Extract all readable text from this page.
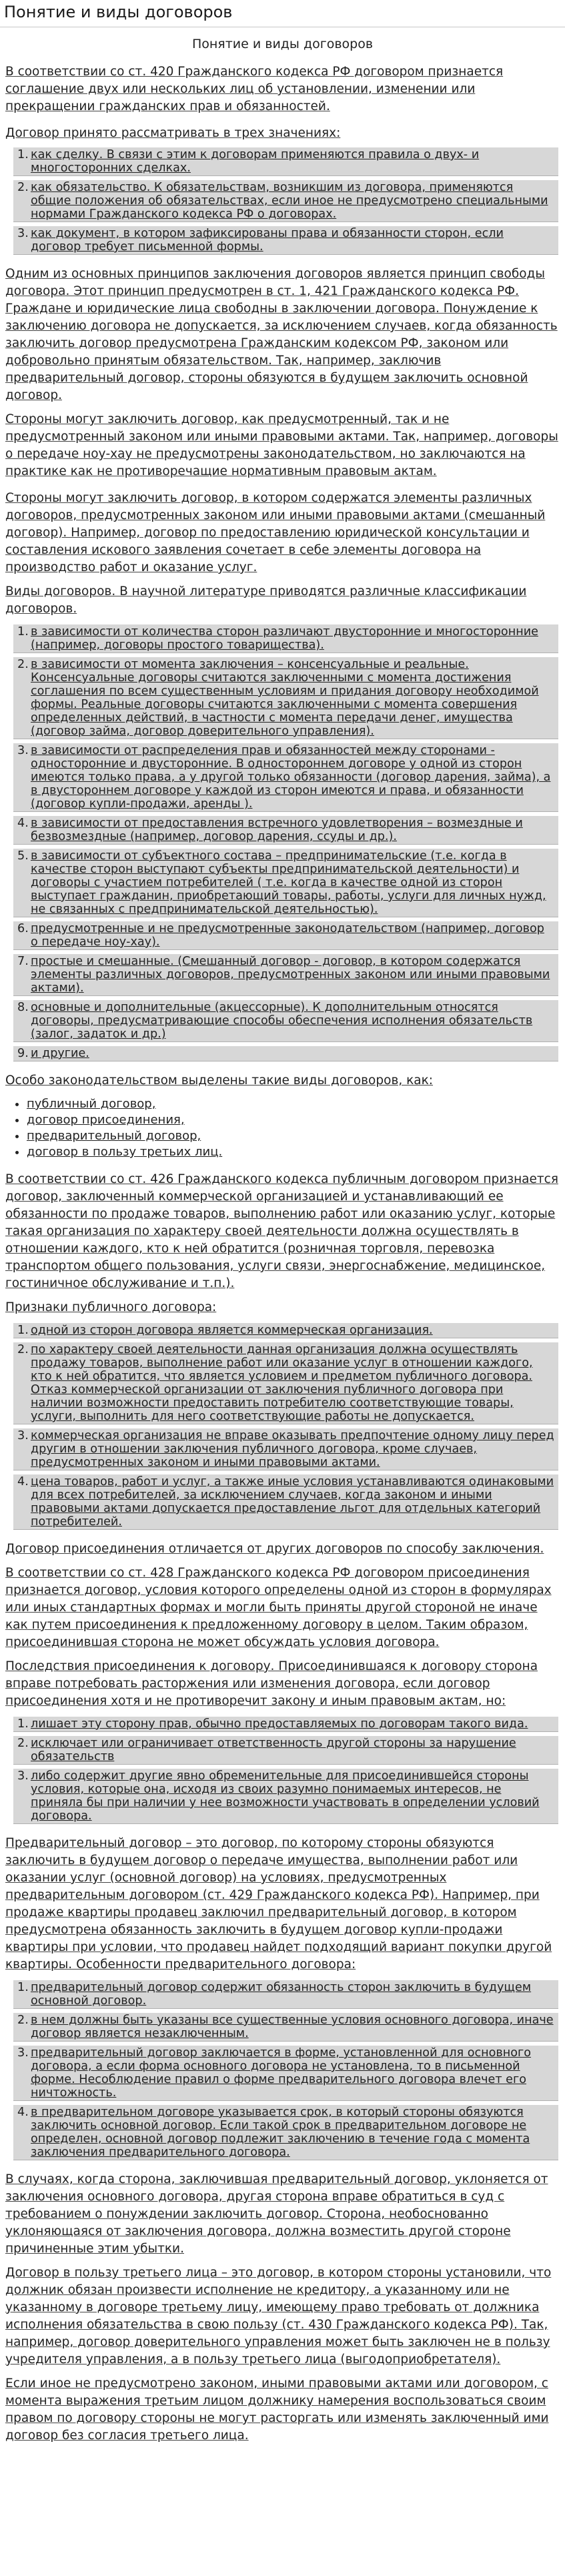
Понятие и виды договоров
Понятие и виды договоров

В соответствии со ст. 420 Гражданского кодекса РФ договором признается соглашение двух или нескольких лиц об установлении, изменении или прекращении гражданских прав и обязанностей.

Договор принято рассматривать в трех значениях:

1. как сделку. В связи с этим к договорам применяются правила о двух- и многосторонних сделках.
2. как обязательство. К обязательствам, возникшим из договора, применяются общие положения об обязательствах, если иное не предусмотрено специальными нормами Гражданского кодекса РФ о договорах.
3. как документ, в котором зафиксированы права и обязанности сторон, если договор требует письменной формы.

Одним из основных принципов заключения договоров является принцип свободы договора. Этот принцип предусмотрен в ст. 1, 421 Гражданского кодекса РФ. Граждане и юридические лица свободны в заключении договора. Понуждение к заключению договора не допускается, за исключением случаев, когда обязанность заключить договор предусмотрена Гражданским кодексом РФ, законом или добровольно принятым обязательством. Так, например, заключив предварительный договор, стороны обязуются в будущем заключить основной договор.

Стороны могут заключить договор, как предусмотренный, так и не предусмотренный законом или иными правовыми актами. Так, например, договоры о передаче ноу-хау не предусмотрены законодательством, но заключаются на практике как не противоречащие нормативным правовым актам.

Стороны могут заключить договор, в котором содержатся элементы различных договоров, предусмотренных законом или иными правовыми актами (смешанный договор). Например, договор по предоставлению юридической консультации и составления искового заявления сочетает в себе элементы договора на производство работ и оказание услуг.

Виды договоров. В научной литературе приводятся различные классификации договоров.

1. в зависимости от количества сторон различают двусторонние и многосторонние (например, договоры простого товарищества).
2. в зависимости от момента заключения – консенсуальные и реальные. Консенсуальные договоры считаются заключенными с момента достижения соглашения по всем существенным условиям и придания договору необходимой формы. Реальные договоры считаются заключенными с момента совершения определенных действий, в частности с момента передачи денег, имущества (договор займа, договор доверительного управления).
3. в зависимости от распределения прав и обязанностей между сторонами - односторонние и двусторонние. В одностороннем договоре у одной из сторон имеются только права, а у другой только обязанности (договор дарения, займа), а в двустороннем договоре у каждой из сторон имеются и права, и обязанности (договор купли-продажи, аренды ).
4. в зависимости от предоставления встречного удовлетворения – возмездные и безвозмездные (например, договор дарения, ссуды и др.).
5. в зависимости от субъектного состава – предпринимательские (т.е. когда в качестве сторон выступают субъекты предпринимательской деятельности) и договоры с участием потребителей ( т.е. когда в качестве одной из сторон выступает гражданин, приобретающий товары, работы, услуги для личных нужд, не связанных с предпринимательской деятельностью).
6. предусмотренные и не предусмотренные законодательством (например, договор о передаче ноу-хау).
7. простые и смешанные. (Смешанный договор - договор, в котором содержатся элементы различных договоров, предусмотренных законом или иными правовыми актами).
8. основные и дополнительные (акцессорные). К дополнительным относятся договоры, предусматривающие способы обеспечения исполнения обязательств (залог, задаток и др.)
9. и другие.

Особо законодательством выделены такие виды договоров, как:

• публичный договор,
• договор присоединения,
• предварительный договор,
• договор в пользу третьих лиц.

В соответствии со ст. 426 Гражданского кодекса публичным договором признается договор, заключенный коммерческой организацией и устанавливающий ее обязанности по продаже товаров, выполнению работ или оказанию услуг, которые такая организация по характеру своей деятельности должна осуществлять в отношении каждого, кто к ней обратится (розничная торговля, перевозка транспортом общего пользования, услуги связи, энергоснабжение, медицинское, гостиничное обслуживание и т.п.).

Признаки публичного договора:

1. одной из сторон договора является коммерческая организация.
2. по характеру своей деятельности данная организация должна осуществлять продажу товаров, выполнение работ или оказание услуг в отношении каждого, кто к ней обратится, что является условием и предметом публичного договора. Отказ коммерческой организации от заключения публичного договора при наличии возможности предоставить потребителю соответствующие товары, услуги, выполнить для него соответствующие работы не допускается.
3. коммерческая организация не вправе оказывать предпочтение одному лицу перед другим в отношении заключения публичного договора, кроме случаев, предусмотренных законом и иными правовыми актами.
4. цена товаров, работ и услуг, а также иные условия устанавливаются одинаковыми для всех потребителей, за исключением случаев, когда законом и иными правовыми актами допускается предоставление льгот для отдельных категорий потребителей.

Договор присоединения отличается от других договоров по способу заключения.

В соответствии со ст. 428 Гражданского кодекса РФ договором присоединения признается договор, условия которого определены одной из сторон в формулярах или иных стандартных формах и могли быть приняты другой стороной не иначе как путем присоединения к предложенному договору в целом. Таким образом, присоединившая сторона не может обсуждать условия договора.

Последствия присоединения к договору. Присоединившаяся к договору сторона вправе потребовать расторжения или изменения договора, если договор присоединения хотя и не противоречит закону и иным правовым актам, но:

1. лишает эту сторону прав, обычно предоставляемых по договорам такого вида.
2. исключает или ограничивает ответственность другой стороны за нарушение обязательств
3. либо содержит другие явно обременительные для присоединившейся стороны условия, которые она, исходя из своих разумно понимаемых интересов, не приняла бы при наличии у нее возможности участвовать в определении условий договора.

Предварительный договор – это договор, по которому стороны обязуются заключить в будущем договор о передаче имущества, выполнении работ или оказании услуг (основной договор) на условиях, предусмотренных предварительным договором (ст. 429 Гражданского кодекса РФ). Например, при продаже квартиры продавец заключил предварительный договор, в котором предусмотрена обязанность заключить в будущем договор купли-продажи квартиры при условии, что продавец найдет подходящий вариант покупки другой квартиры. Особенности предварительного договора:

1. предварительный договор содержит обязанность сторон заключить в будущем основной договор.
2. в нем должны быть указаны все существенные условия основного договора, иначе договор является незаключенным.
3. предварительный договор заключается в форме, установленной для основного договора, а если форма основного договора не установлена, то в письменной форме. Несоблюдение правил о форме предварительного договора влечет его ничтожность.
4. в предварительном договоре указывается срок, в который стороны обязуются заключить основной договор. Если такой срок в предварительном договоре не определен, основной договор подлежит заключению в течение года с момента заключения предварительного договора.

В случаях, когда сторона, заключившая предварительный договор, уклоняется от заключения основного договора, другая сторона вправе обратиться в суд с требованием о понуждении заключить договор. Сторона, необоснованно уклоняющаяся от заключения договора, должна возместить другой стороне причиненные этим убытки.

Договор в пользу третьего лица – это договор, в котором стороны установили, что должник обязан произвести исполнение не кредитору, а указанному или не указанному в договоре третьему лицу, имеющему право требовать от должника исполнения обязательства в свою пользу (ст. 430 Гражданского кодекса РФ). Так, например, договор доверительного управления может быть заключен не в пользу учредителя управления, а в пользу третьего лица (выгодоприобретателя).

Если иное не предусмотрено законом, иными правовыми актами или договором, с момента выражения третьим лицом должнику намерения воспользоваться своим правом по договору стороны не могут расторгать или изменять заключенный ими договор без согласия третьего лица.
